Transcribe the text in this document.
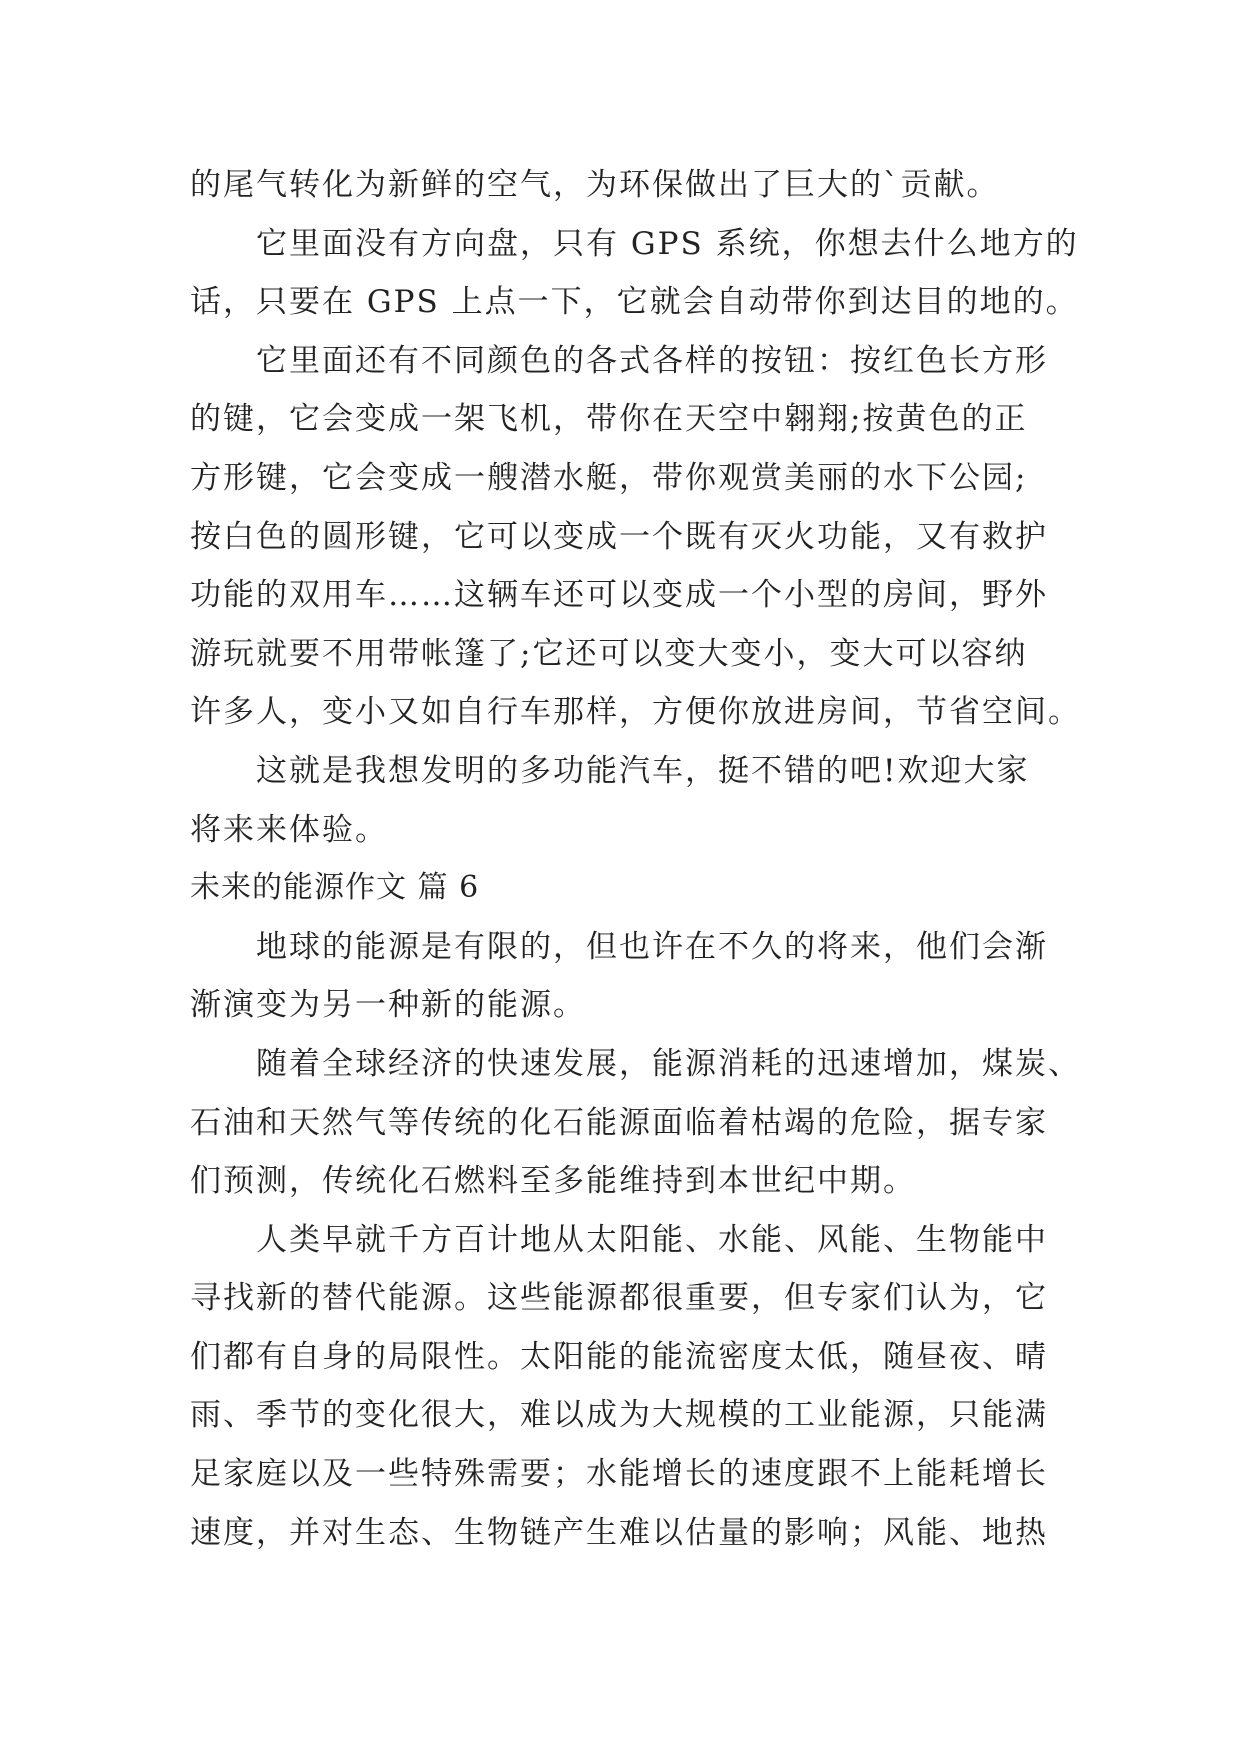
的尾气转化为新鲜的空气，为环保做出了巨大的`贡献。
它里面没有方向盘，只有 GPS 系统，你想去什么地方的
话，只要在 GPS 上点一下，它就会自动带你到达目的地的。
它里面还有不同颜色的各式各样的按钮：按红色长方形
的键，它会变成一架飞机，带你在天空中翱翔;按黄色的正
方形键，它会变成一艘潜水艇，带你观赏美丽的水下公园;
按白色的圆形键，它可以变成一个既有灭火功能，又有救护
功能的双用车……这辆车还可以变成一个小型的房间，野外
游玩就要不用带帐篷了;它还可以变大变小，变大可以容纳
许多人，变小又如自行车那样，方便你放进房间，节省空间。
这就是我想发明的多功能汽车，挺不错的吧!欢迎大家
将来来体验。
未来的能源作文 篇 6
地球的能源是有限的，但也许在不久的将来，他们会渐
渐演变为另一种新的能源。
随着全球经济的快速发展，能源消耗的迅速增加，煤炭、
石油和天然气等传统的化石能源面临着枯竭的危险，据专家
们预测，传统化石燃料至多能维持到本世纪中期。
人类早就千方百计地从太阳能、水能、风能、生物能中
寻找新的替代能源。这些能源都很重要，但专家们认为，它
们都有自身的局限性。太阳能的能流密度太低，随昼夜、晴
雨、季节的变化很大，难以成为大规模的工业能源，只能满
足家庭以及一些特殊需要；水能增长的速度跟不上能耗增长
速度，并对生态、生物链产生难以估量的影响；风能、地热
